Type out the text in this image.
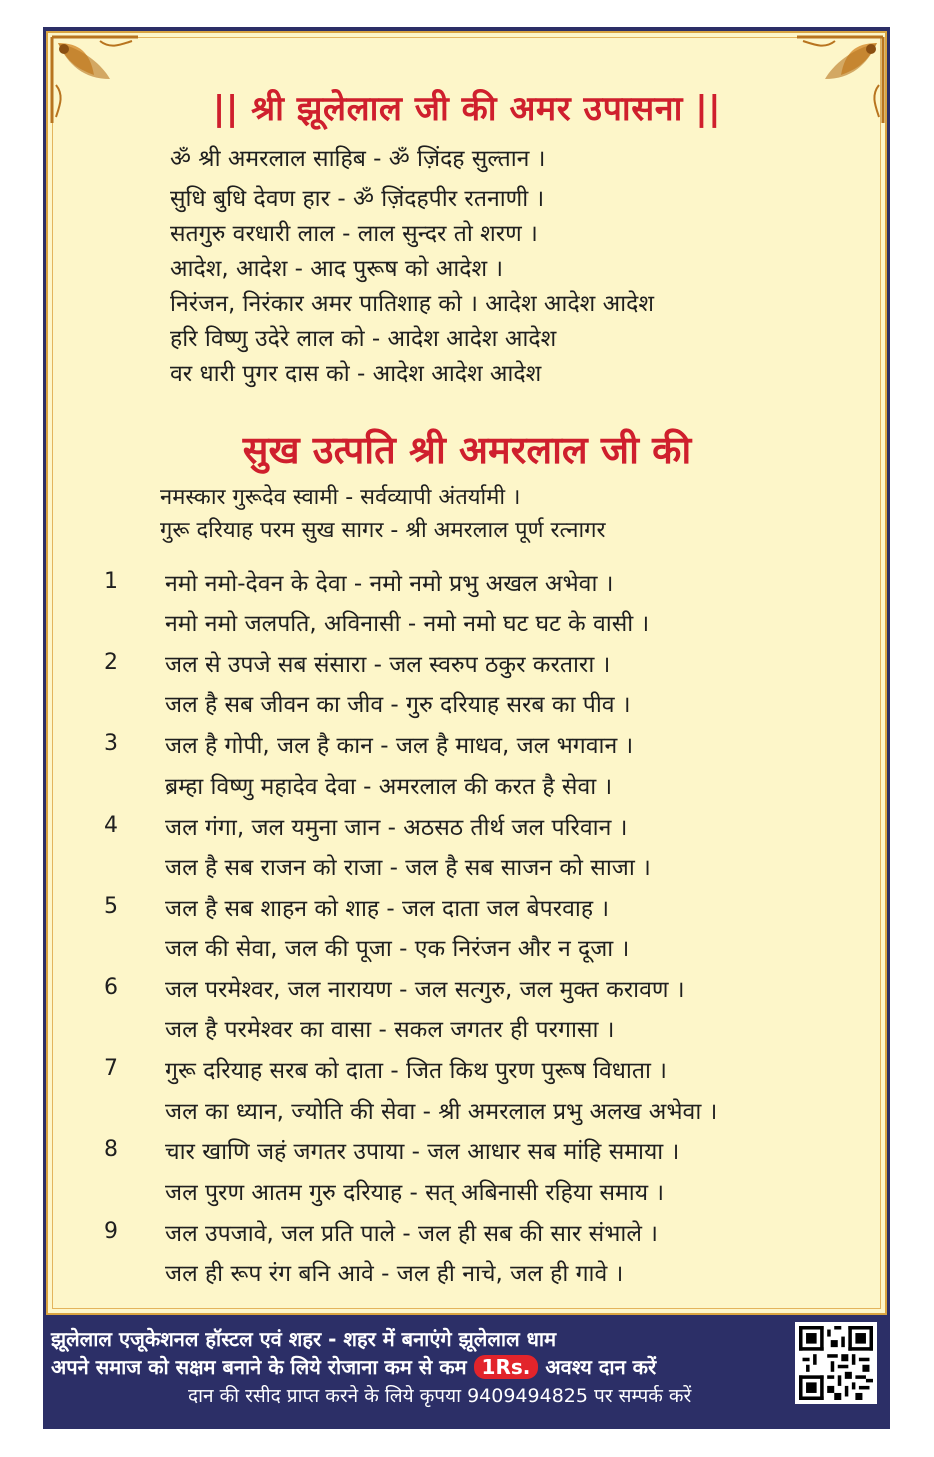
|| श्री झूलेलाल जी की अमर उपासना ||
ॐ श्री अमरलाल साहिब - ॐ ज़िंदह सुल्तान ।
सुधि बुधि देवण हार - ॐ ज़िंदहपीर रतनाणी ।
सतगुरु वरधारी लाल - लाल सुन्दर तो शरण ।
आदेश, आदेश - आद पुरूष को आदेश ।
निरंजन, निरंकार अमर पातिशाह को । आदेश आदेश आदेश
हरि विष्णु उदेरे लाल को - आदेश आदेश आदेश
वर धारी पुगर दास को - आदेश आदेश आदेश
सुख उत्पति श्री अमरलाल जी की
नमस्कार गुरूदेव स्वामी - सर्वव्यापी अंतर्यामी ।
गुरू दरियाह परम सुख सागर - श्री अमरलाल पूर्ण रत्नागर
1 नमो नमो-देवन के देवा - नमो नमो प्रभु अखल अभेवा ।
नमो नमो जलपति, अविनासी - नमो नमो घट घट के वासी ।
2 जल से उपजे सब संसारा - जल स्वरुप ठकुर करतारा ।
जल है सब जीवन का जीव - गुरु दरियाह सरब का पीव ।
3 जल है गोपी, जल है कान - जल है माधव, जल भगवान ।
ब्रम्हा विष्णु महादेव देवा - अमरलाल की करत है सेवा ।
4 जल गंगा, जल यमुना जान - अठसठ तीर्थ जल परिवान ।
जल है सब राजन को राजा - जल है सब साजन को साजा ।
5 जल है सब शाहन को शाह - जल दाता जल बेपरवाह ।
जल की सेवा, जल की पूजा - एक निरंजन और न दूजा ।
6 जल परमेश्वर, जल नारायण - जल सत्गुरु, जल मुक्त करावण ।
जल है परमेश्वर का वासा - सकल जगतर ही परगासा ।
7 गुरू दरियाह सरब को दाता - जित किथ पुरण पुरूष विधाता ।
जल का ध्यान, ज्योति की सेवा - श्री अमरलाल प्रभु अलख अभेवा ।
8 चार खाणि जहं जगतर उपाया - जल आधार सब मांहि समाया ।
जल पुरण आतम गुरु दरियाह - सत् अबिनासी रहिया समाय ।
9 जल उपजावे, जल प्रति पाले - जल ही सब की सार संभाले ।
जल ही रूप रंग बनि आवे - जल ही नाचे, जल ही गावे ।
झूलेलाल एजूकेशनल हॉस्टल एवं शहर - शहर में बनाएंगे झूलेलाल धाम
अपने समाज को सक्षम बनाने के लिये रोजाना कम से कम 1Rs. अवश्य दान करें
दान की रसीद प्राप्त करने के लिये कृपया 9409494825 पर सम्पर्क करें
